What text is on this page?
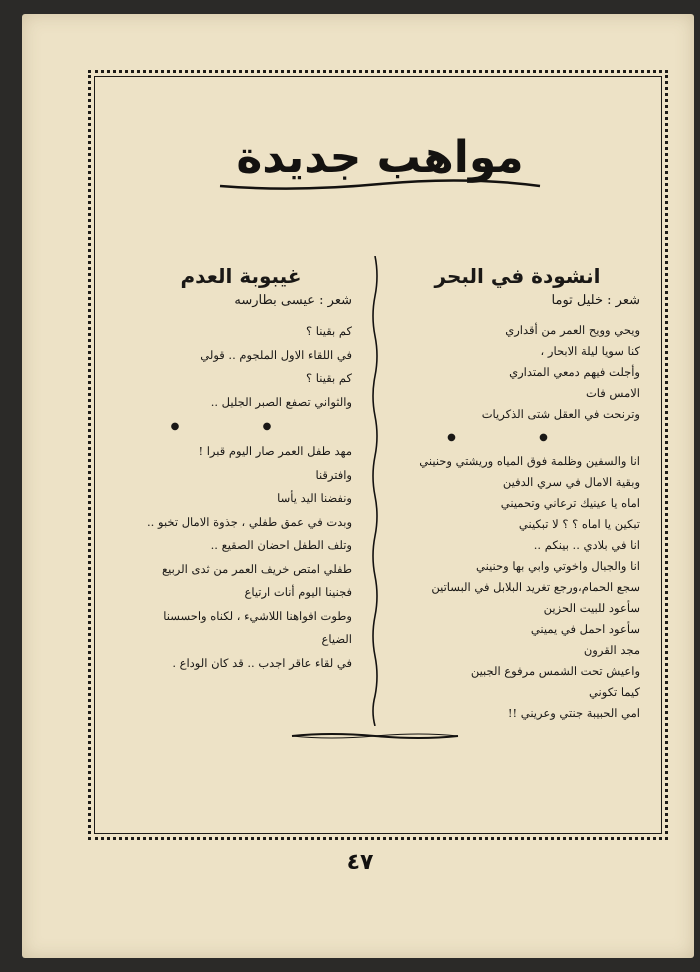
مواهب جديدة
انشودة في البحر
شعر : خليل توما
ويحي وويح العمر من أقداري
كنا سويا ليلة الابحار ،
وأجلت فيهم دمعي المتداري
الامس فات
وترنحت في العقل شتى الذكريات
● ●
انا والسفين وظلمة فوق المياه وريشتي وحنيني
وبقية الامال في سري الدفين
اماه يا عينيك ترعاني وتحميني
تبكين يا اماه ؟ ؟ لا تبكيني
انا في بلادي .. بينكم ..
انا والجبال واخوتي وابي بها وحنيني
سجع الحمام،ورجع تغريد البلابل في البساتين
سأعود للبيت الحزين
سأعود احمل في يميني
مجد القرون
واعيش تحت الشمس مرفوع الجبين
كيما تكوني
امي الحبيبة جنتي وعريني !!
غيبوبة العدم
شعر : عيسى بطارسه
كم بقينا ؟
في اللقاء الاول الملجوم .. قولي
كم بقينا ؟
والثواني تصفع الصبر الجليل ..
● ●
مهد طفل العمر صار اليوم قبرا !
وافترقنا
ونفضنا اليد يأسا
وبدت في عمق طفلي ، جذوة الامال تخبو ..
وتلف الطفل احضان الصقيع ..
طفلي امتص خريف العمر من ثدى الربيع
فجنينا اليوم أنات ارتياع
وطوت افواهنا اللاشيء ، لكناه واحسسنا
الضياع
في لقاء عاقر اجدب .. قد كان الوداع .
٤٧
